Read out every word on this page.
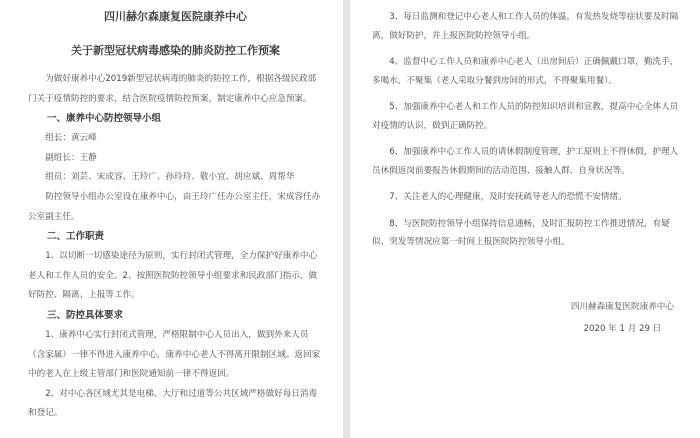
四川赫尔森康复医院康养中心
关于新型冠状病毒感染的肺炎防控工作预案

为做好康养中心2019新型冠状病毒的肺炎的防控工作，根据各级民政部门关于疫情防控的要求，结合医院疫情防控预案，制定康养中心应急预案。

一、康养中心防控领导小组

组长：黄云峰

副组长：王静

组员：刘芸、宋成容、王玲广、孙玲玲、敬小宜、胡应斌、周帮华

防控领导小组办公室设在康养中心，由王玲广任办公室主任，宋成容任办公室副主任。

二、工作职责

1、以切断一切感染途径为原则，实行封闭式管理，全力保护好康养中心老人和工作人员的安全。2、按照医院防控领导小组要求和民政部门指示，做好防控、隔离、上报等工作。

三、防控具体要求

1、康养中心实行封闭式管理，严格限制中心人员出入，做到外来人员（含家属）一律不得进入康养中心，康养中心老人不得离开限制区域。返回家中的老人在上级主管部门和医院通知前一律不得返回。

2、对中心各区域尤其是电梯、大厅和过道等公共区域严格做好每日消毒和登记。

3、每日监测和登记中心老人和工作人员的体温，有发热发烧等症状要及时隔离，做好防护，并上报医院防控领导小组。

4、监督中心工作人员和康养中心老人（出房间后）正确佩戴口罩，勤洗手，多喝水，不聚集（老人采取分餐到房间的形式，不得聚集用餐）。

5、加强康养中心老人和工作人员的防控知识培训和宣教，提高中心全体人员对疫情的认识，做到正确防控。

6、加强康养中心工作人员的请休假制度管理，护工原则上不得休假，护理人员休假返岗前要报告休假期间的活动范围、接触人群、自身状况等。

7、关注老人的心理健康，及时安抚疏导老人的恐慌不安情绪。

8、与医院防控领导小组保持信息通畅，及时汇报防控工作推进情况，有疑似、突发等情况应第一时间上报医院防控领导小组。

四川赫森康复医院康养中心
2020 年 1 月 29 日
